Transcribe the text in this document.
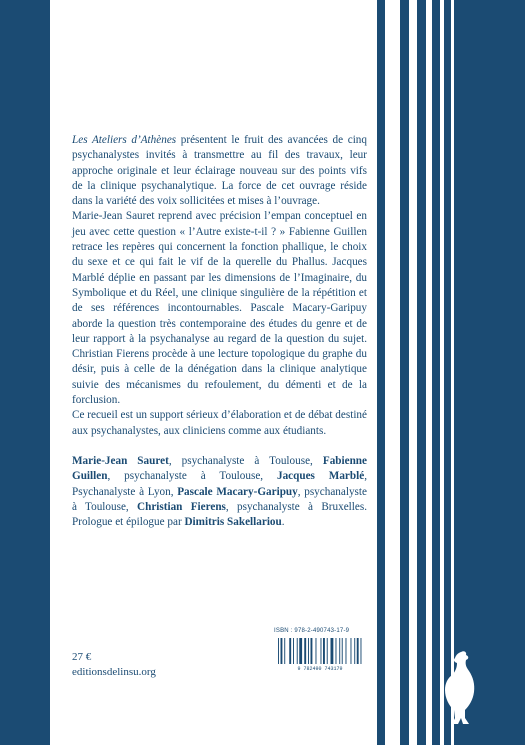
Les Ateliers d’Athènes présentent le fruit des avancées de cinq psychanalystes invités à transmettre au fil des travaux, leur approche originale et leur éclairage nouveau sur des points vifs de la clinique psychanalytique. La force de cet ouvrage réside dans la variété des voix sollicitées et mises à l’ouvrage.

Marie-Jean Sauret reprend avec précision l’empan conceptuel en jeu avec cette question « l’Autre existe-t-il ? » Fabienne Guillen retrace les repères qui concernent la fonction phallique, le choix du sexe et ce qui fait le vif de la querelle du Phallus. Jacques Marblé déplie en passant par les dimensions de l’Imaginaire, du Symbolique et du Réel, une clinique singulière de la répétition et de ses références incontournables. Pascale Macary-Garipuy aborde la question très contemporaine des études du genre et de leur rapport à la psychanalyse au regard de la question du sujet. Christian Fierens procède à une lecture topologique du graphe du désir, puis à celle de la dénégation dans la clinique analytique suivie des mécanismes du refoulement, du démenti et de la forclusion.

Ce recueil est un support sérieux d’élaboration et de débat destiné aux psychanalystes, aux cliniciens comme aux étudiants.

Marie-Jean Sauret, psychanalyste à Toulouse, Fabienne Guillen, psychanalyste à Toulouse, Jacques Marblé, Psychanalyste à Lyon, Pascale Macary-Garipuy, psychanalyste à Toulouse, Christian Fierens, psychanalyste à Bruxelles. Prologue et épilogue par Dimitris Sakellariou.

ISBN : 978-2-490743-17-9
9 782490 743179
27 €
editionsdelinsu.org
